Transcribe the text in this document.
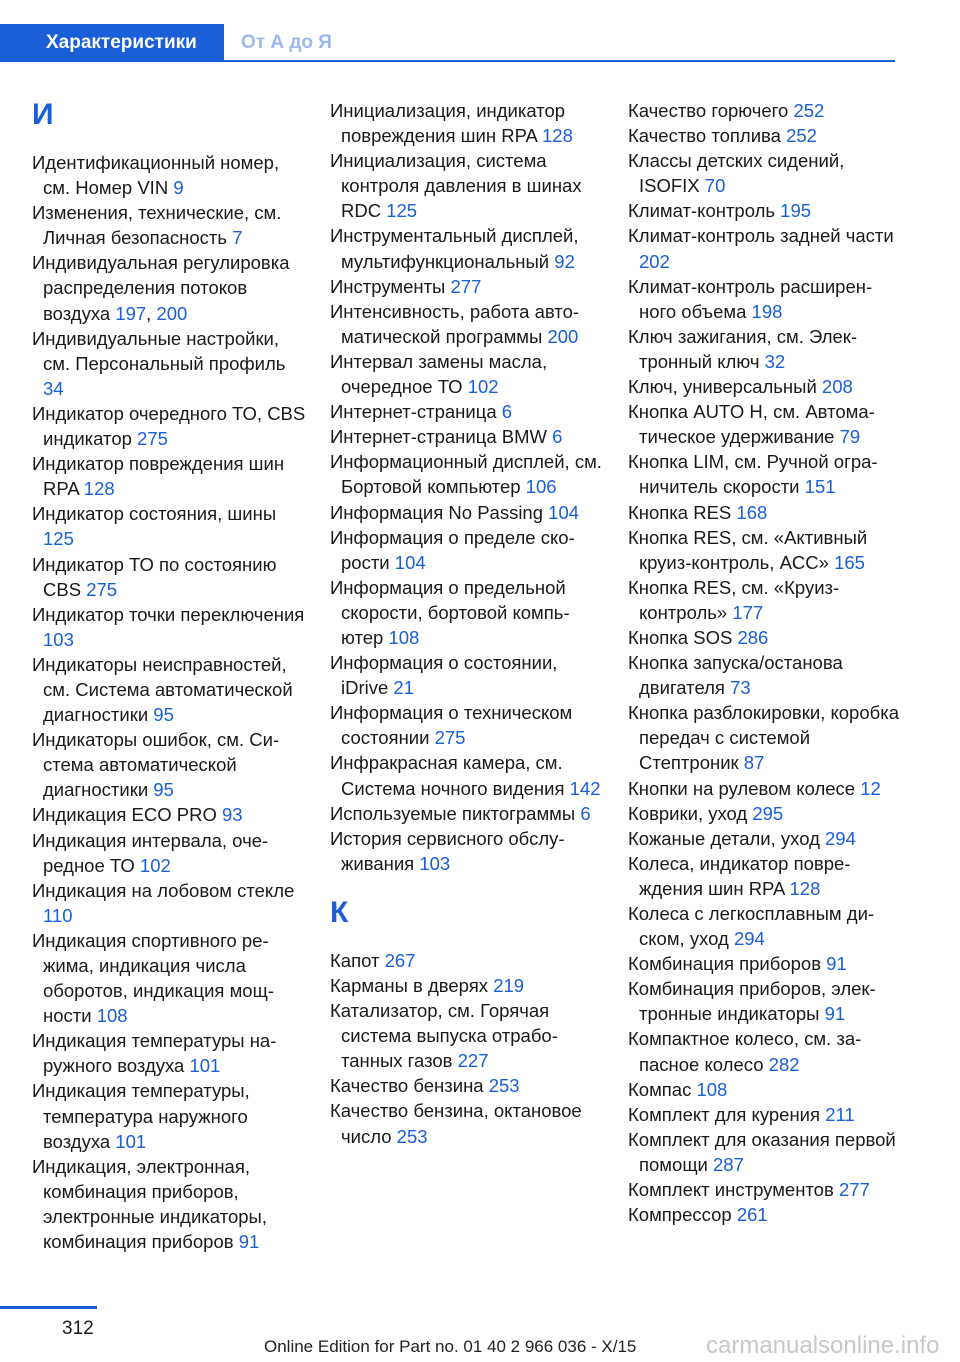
Характеристики	От А до Я
И

Идентификационный номер, см. Номер VIN 9

Изменения, технические, см. Личная безопасность 7

Индивидуальная регулировка распределения потоков воздуха 197, 200

Индивидуальные настройки, см. Персональный профиль 34

Индикатор очередного ТО, CBS индикатор 275

Индикатор повреждения шин RPA 128

Индикатор состояния, шины 125

Индикатор ТО по состоянию CBS 275

Индикатор точки переключения 103

Индикаторы неисправностей, см. Система автоматической диагностики 95

Индикаторы ошибок, см. Система автоматической диагностики 95

Индикация ECO PRO 93

Индикация интервала, очередное ТО 102

Индикация на лобовом стекле 110

Индикация спортивного режима, индикация числа оборотов, индикация мощности 108

Индикация температуры наружного воздуха 101

Индикация температуры, температура наружного воздуха 101

Индикация, электронная, комбинация приборов, электронные индикаторы, комбинация приборов 91

Инициализация, индикатор повреждения шин RPA 128

Инициализация, система контроля давления в шинах RDC 125

Инструментальный дисплей, мультифункциональный 92

Инструменты 277

Интенсивность, работа автоматической программы 200

Интервал замены масла, очередное ТО 102

Интернет-страница 6

Интернет-страница BMW 6

Информационный дисплей, см. Бортовой компьютер 106

Информация No Passing 104

Информация о пределе скорости 104

Информация о предельной скорости, бортовой компьютер 108

Информация о состоянии, iDrive 21

Информация о техническом состоянии 275

Инфракрасная камера, см. Система ночного видения 142

Используемые пиктограммы 6

История сервисного обслуживания 103

К

Капот 267

Карманы в дверях 219

Катализатор, см. Горячая система выпуска отработанных газов 227

Качество бензина 253

Качество бензина, октановое число 253

Качество горючего 252

Качество топлива 252

Классы детских сидений, ISOFIX 70

Климат-контроль 195

Климат-контроль задней части 202

Климат-контроль расширенного объема 198

Ключ зажигания, см. Электронный ключ 32

Ключ, универсальный 208

Кнопка AUTO H, см. Автоматическое удерживание 79

Кнопка LIM, см. Ручной ограничитель скорости 151

Кнопка RES 168

Кнопка RES, см. «Активный круиз-контроль, ACC» 165

Кнопка RES, см. «Круиз-контроль» 177

Кнопка SOS 286

Кнопка запуска/останова двигателя 73

Кнопка разблокировки, коробка передач с системой Стептроник 87

Кнопки на рулевом колесе 12

Коврики, уход 295

Кожаные детали, уход 294

Колеса, индикатор повреждения шин RPA 128

Колеса с легкосплавным диском, уход 294

Комбинация приборов 91

Комбинация приборов, электронные индикаторы 91

Компактное колесо, см. запасное колесо 282

Компас 108

Комплект для курения 211

Комплект для оказания первой помощи 287

Комплект инструментов 277

Компрессор 261

312
Online Edition for Part no. 01 40 2 966 036 - X/15	carmanualsonline.info
